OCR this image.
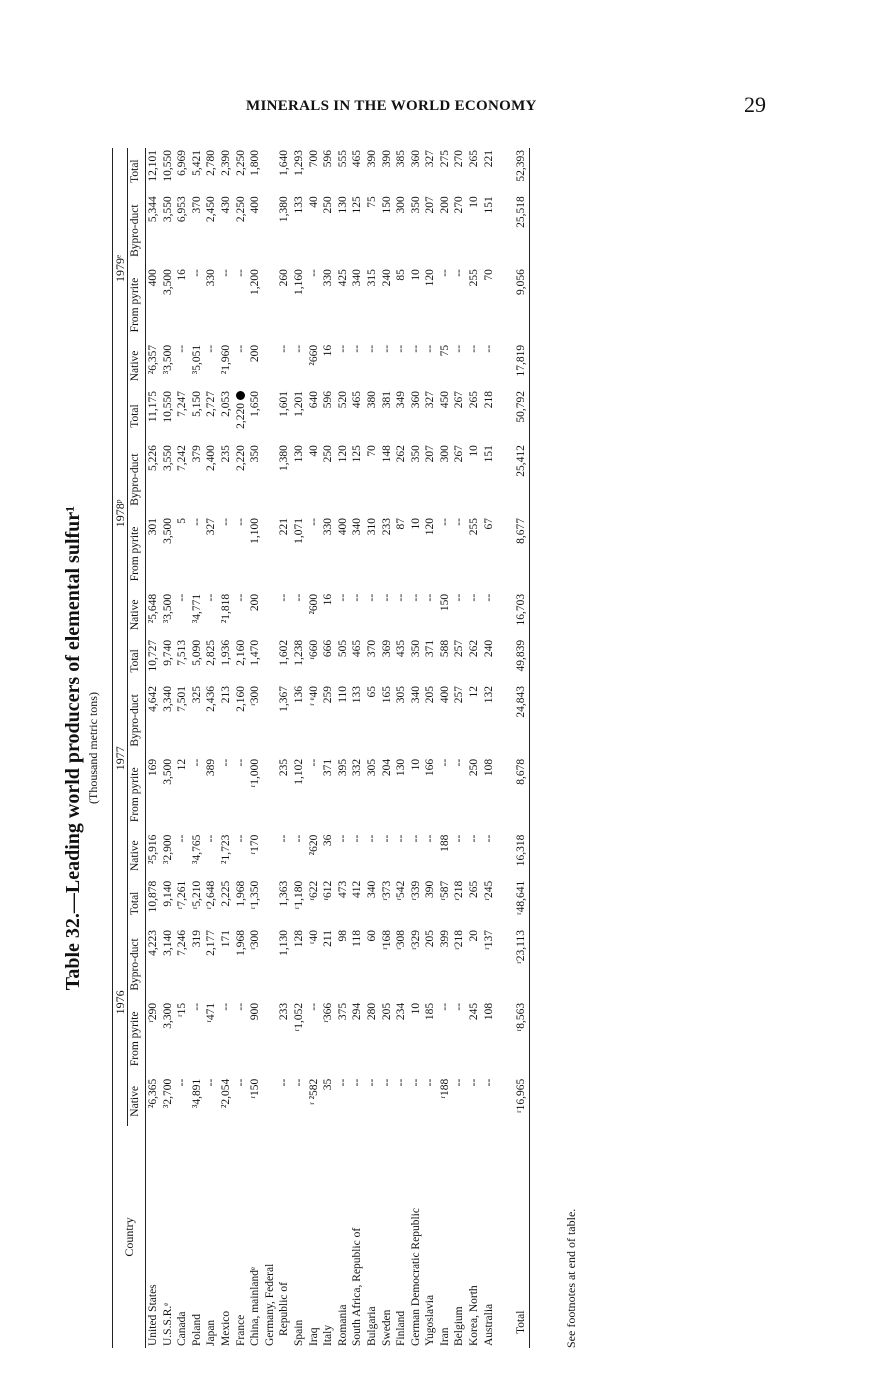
MINERALS IN THE WORLD ECONOMY	29
Table 32.—Leading world producers of elemental sulfur¹ (Thousand metric tons)
Country	1976				1977				1978ᵖ				1979ᵉ			
	Native	From pyrite	Bypro-duct	Total	Native	From pyrite	Bypro-duct	Total	Native	From pyrite	Bypro-duct	Total	Native	From pyrite	Bypro-duct	Total
United States	²6,365	ʳ290	4,223	10,878	²5,916	169	4,642	10,727	²5,648	301	5,226	11,175	²6,357	400	5,344	12,101
U.S.S.R.ᵉ	³2,700	3,300	3,140	9,140	³2,900	3,500	3,340	9,740	³3,500	3,500	3,550	10,550	³3,500	3,500	3,550	10,550
Canada	--	ʳ15	7,246	ʳ7,261	--	12	7,501	7,513	--	5	7,242	7,247	--	16	6,953	6,969
Poland	³4,891	--	319	ʳ5,210	³4,765	--	325	5,090	³4,771	--	379	5,150	³5,051	--	370	5,421
Japan	--	ʳ471	2,177	ʳ2,648	--	389	2,436	2,825	--	327	2,400	2,727	--	330	2,450	2,780
Mexico	²2,054	--	171	2,225	²1,723	--	213	1,936	²1,818	--	235	2,053	²1,960	--	430	2,390
France	--	--	1,968	1,968	--	--	2,160	2,160	--	--	2,220	2,220	--	--	2,250	2,250
China, mainlandᵉ	ʳ150	900	ʳ300	ʳ1,350	ʳ170	ʳ1,000	ʳ300	1,470	200	1,100	350	1,650	200	1,200	400	1,800
Germany, Federal																
Republic of	--	233	1,130	1,363	--	235	1,367	1,602	--	221	1,380	1,601	--	260	1,380	1,640
Spain	--	ʳ1,052	128	ʳ1,180	--	1,102	136	1,238	--	1,071	130	1,201	--	1,160	133	1,293
Iraq	ʳ ²582	--	ʳ40	ʳ622	²620	--	ʳ ᵉ40	ʳ660	²600	--	40	640	²660	--	40	700
Italy	35	ʳ366	211	ʳ612	36	371	259	666	16	330	250	596	16	330	250	596
Romania	--	375	98	473	--	395	110	505	--	400	120	520	--	425	130	555
South Africa, Republic of	--	294	118	412	--	332	133	465	--	340	125	465	--	340	125	465
Bulgaria	--	280	60	340	--	305	65	370	--	310	70	380	--	315	75	390
Sweden	--	205	ʳ168	ʳ373	--	204	165	369	--	233	148	381	--	240	150	390
Finland	--	234	ʳ308	ʳ542	--	130	305	435	--	87	262	349	--	85	300	385
German Democratic Republic	--	10	ʳ329	ʳ339	--	10	340	350	--	10	350	360	--	10	350	360
Yugoslavia	--	185	205	390	--	166	205	371	--	120	207	327	--	120	207	327
Iran	ʳ188	--	399	ʳ587	188	--	400	588	150	--	300	450	75	--	200	275
Belgium	--	--	ʳ218	ʳ218	--	--	257	257	--	--	267	267	--	--	270	270
Korea, North	--	245	20	265	--	250	12	262	--	255	10	265	--	255	10	265
Australia	--	108	ʳ137	ʳ245	--	108	132	240	--	67	151	218	--	70	151	221
Total	ʳ16,965	ʳ8,563	ʳ23,113	ʳ48,641	16,318	8,678	24,843	49,839	16,703	8,677	25,412	50,792	17,819	9,056	25,518	52,393

See footnotes at end of table.
